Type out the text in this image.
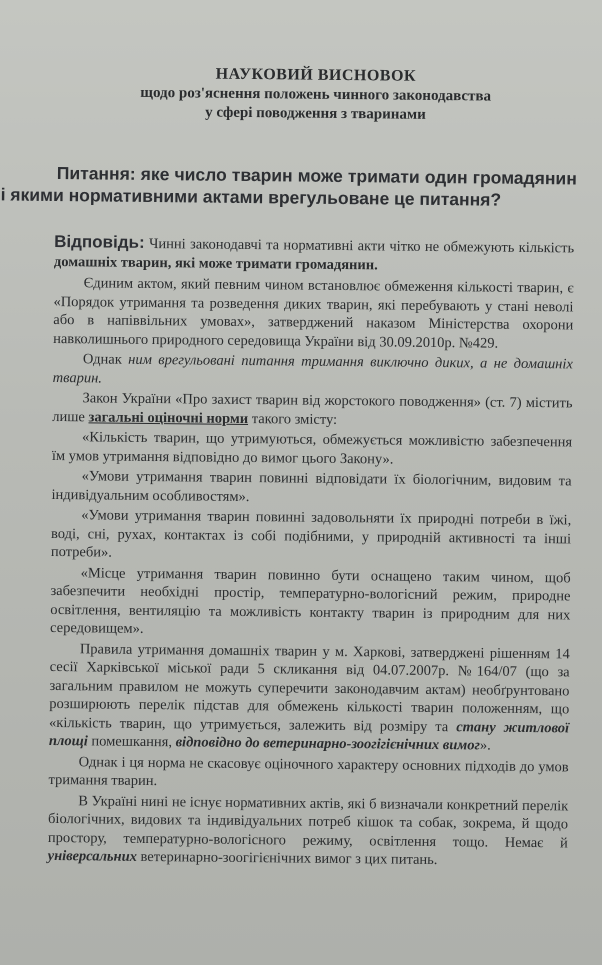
НАУКОВИЙ ВИСНОВОК

щодо роз'яснення положень чинного законодавства

у сфері поводження з тваринами

Питання: яке число тварин може тримати один громадянин і якими нормативними актами врегульоване це питання?

Відповідь: Чинні законодавчі та нормативні акти чітко не обмежують кількість домашніх тварин, які може тримати громадянин.

Єдиним актом, який певним чином встановлює обмеження кількості тварин, є «Порядок утримання та розведення диких тварин, які перебувають у стані неволі або в напіввільних умовах», затверджений наказом Міністерства охорони навколишнього природного середовища України від 30.09.2010р. №429.

Однак ним врегульовані питання тримання виключно диких, а не домашніх тварин.

Закон України «Про захист тварин від жорстокого поводження» (ст. 7) містить лише загальні оціночні норми такого змісту:

«Кількість тварин, що утримуються, обмежується можливістю забезпечення їм умов утримання відповідно до вимог цього Закону».

«Умови утримання тварин повинні відповідати їх біологічним, видовим та індивідуальним особливостям».

«Умови утримання тварин повинні задовольняти їх природні потреби в їжі, воді, сні, рухах, контактах із собі подібними, у природній активності та інші потреби».

«Місце утримання тварин повинно бути оснащено таким чином, щоб забезпечити необхідні простір, температурно-вологісний режим, природне освітлення, вентиляцію та можливість контакту тварин із природним для них середовищем».

Правила утримання домашніх тварин у м. Харкові, затверджені рішенням 14 сесії Харківської міської ради 5 скликання від 04.07.2007р. №164/07 (що за загальним правилом не можуть суперечити законодавчим актам) необґрунтовано розширюють перелік підстав для обмежень кількості тварин положенням, що «кількість тварин, що утримується, залежить від розміру та стану житлової площі помешкання, відповідно до ветеринарно-зоогігієнічних вимог».

Однак і ця норма не скасовує оціночного характеру основних підходів до умов тримання тварин.

В Україні нині не існує нормативних актів, які б визначали конкретний перелік біологічних, видових та індивідуальних потреб кішок та собак, зокрема, й щодо простору, температурно-вологісного режиму, освітлення тощо. Немає й універсальних ветеринарно-зоогігієнічних вимог з цих питань.
